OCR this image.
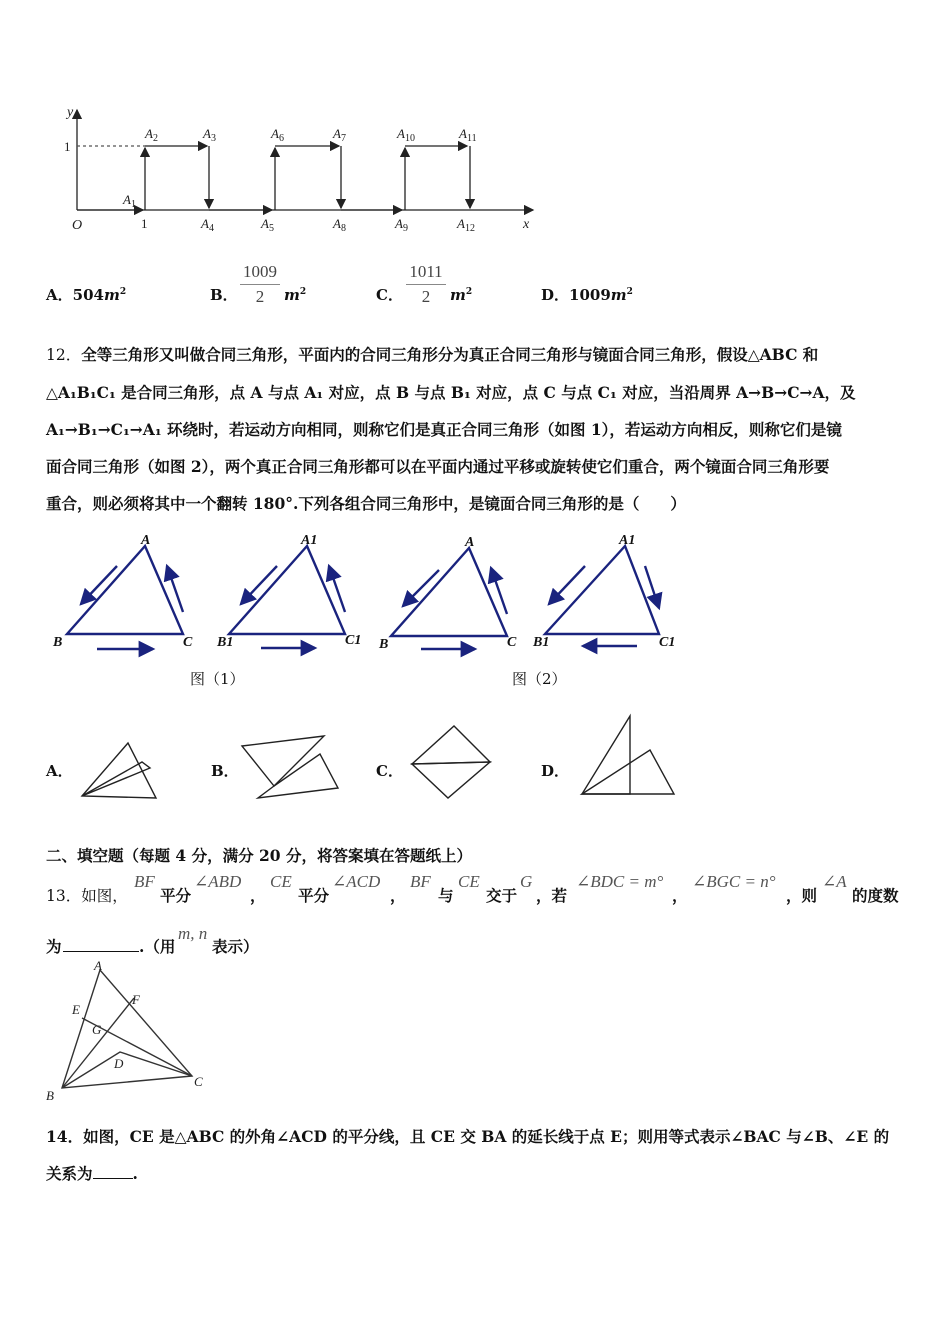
y
x
O
1
1
$A_1$
$A_2$	$A_3$
$A_4$	$A_5$
$A_6$	$A_7$
$A_8$	$A_9$
$A_{10}$	$A_{11}$
$A_{12}$
A．$504m^2$	B．
1009
2	$m^2$	C．
1011
2	$m^2$	D．$1009m^2$

12．全等三角形又叫做合同三角形，平面内的合同三角形分为真正合同三角形与镜面合同三角形，假设△ABC 和

△A₁B₁C₁ 是合同三角形，点 A 与点 A₁ 对应，点 B 与点 B₁ 对应，点 C 与点 C₁ 对应，当沿周界 A→B→C→A，及

A₁→B₁→C₁→A₁ 环绕时，若运动方向相同，则称它们是真正合同三角形（如图 1），若运动方向相反，则称它们是镜

面合同三角形（如图 2），两个真正合同三角形都可以在平面内通过平移或旋转使它们重合，两个镜面合同三角形要

重合，则必须将其中一个翻转 180°.下列各组合同三角形中，是镜面合同三角形的是（　　）

A
B	C
A1
B1	C1
A
B	C
A1
B1	C1
图（1）	图（2）
A．	B．	C．	D．
二、填空题（每题 4 分，满分 20 分，将答案填在答题纸上）
13．如图，
BF
平分
∠ABD
，
CE
平分
∠ACD
，
BF
与
CE
交于
G
，若
∠BDC = m°
，
∠BGC = n°
，则
∠A
的度数
为	.（用
m, n
表示）
A
E
F
G
D
B
C

14．如图，CE 是△ABC 的外角∠ACD 的平分线，且 CE 交 BA 的延长线于点 E；则用等式表示∠BAC 与∠B、∠E 的

关系为	.
